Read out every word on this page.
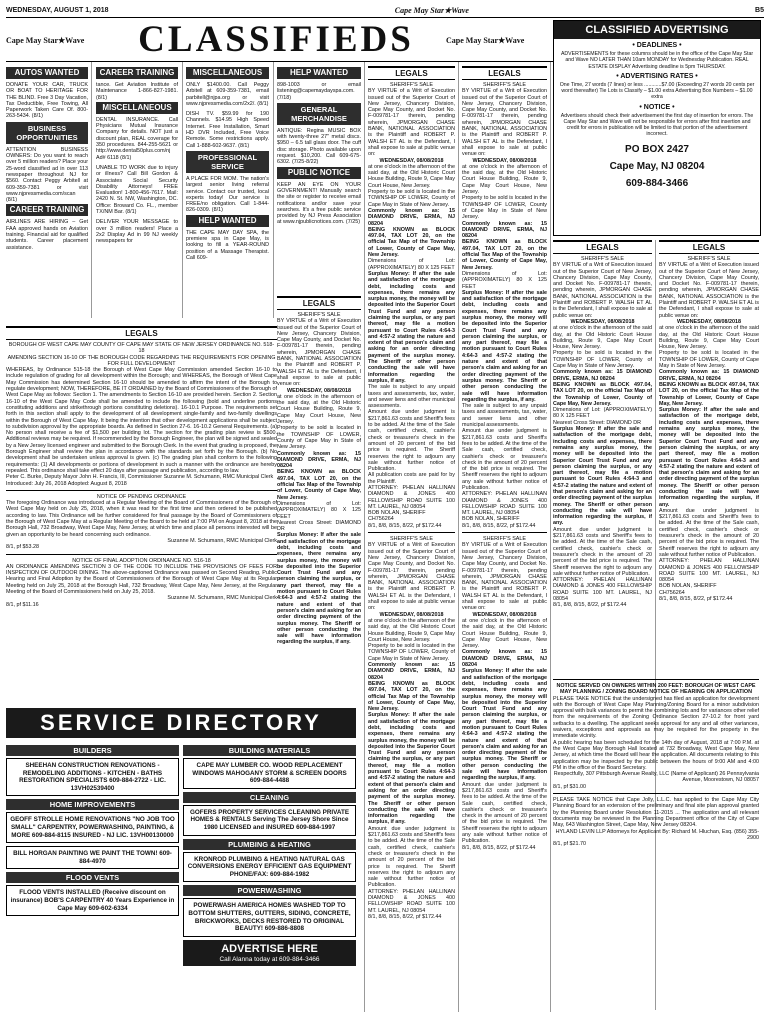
WEDNESDAY, AUGUST 1, 2018	Cape May Star★Wave	B5
Cape May Star★Wave	CLASSIFIEDS	Cape May Star★Wave
CLASSIFIED ADVERTISING
• DEADLINES •

ADVERTISEMENTS for these columns should be in the office of the Cape May Star and Wave NO LATER THAN 10am MONDAY for Wednesday Publication. REAL ESTATE DISPLAY Advertising deadline is 5pm THURSDAY.

• ADVERTISING RATES •

One Time, 27 words (7 lines) or less ............$7.00 (Exceeding 27 words 20 cents per word thereafter) Tie Lots is Classify – $1.00 extra Advertising Box Numbers – $1.00 extra

• NOTICE •

Advertisers should check their advertisement the first day of insertion for errors. The Cape May Star and Wave will not be responsible for errors after first insertion and credit for errors in publication will be limited to that portion of the advertisement incorrect.

PO BOX 2427
Cape May, NJ 08204
609-884-3466
AUTOS WANTED
DONATE YOUR CAR, TRUCK OR BOAT TO HERITAGE FOR THE BLIND. Free 3 Day Vacation, Tax Deductible, Free Towing, All Paperwork Taken Care Of. 800-263-5434. (8/1)
BUSINESS OPPORTUNITIES
ATTENTION BUSINESS OWNERS: Do you want to reach over 5 million readers? Place your 25-word classified ad in over 113 newspaper throughout NJ for $560. Contact Peggy Arbitell at 609-359-7381 or visit www.njpressmedia.com/scan (8/1)
CAREER TRAINING
AIRLINES ARE HIRING – Get FAA approved hands on Aviation training. Financial aid for qualified students. Career placement assistance.
CAREER TRAINING
tance. Get Aviation Institute of Maintenance 1-866-827-1981. (8/1)
MISCELLANEOUS
DENTAL INSURANCE. Call Physicians Mutual Insurance Company for details. NOT just a discount plan, REAL coverage for 350 procedures. 844-255-5621 or http://www.dental50plus.com/nj Ad# 6118 (8/1)
UNABLE TO WORK due to injury or illness? Call Bill Gordon & Associates Social Security Disability Attorneys! FREE Evaluation! 1-800-456-7617. Mail: 2420 N. St. NW, Washington, DC. Office: Broward Co. FL., member TX/NM Bar. (8/1)
DELIVER YOUR MESSAGE to over 3 million readers! Place a 2x2 Display Ad in 99 NJ weekly newspapers for
MISCELLANEOUS
ONLY $1400.00. Call Peggy Arbitell at 609-359-7381, email parbitell@njpa.org or visit www.njpressmedia.com/2x2/. (8/1)
DISH TV. $59.99 for 190 Channels. $14.95 High Speed Internet. Free Installation, Smart HD DVR Included, Free Voice Remote. Some restrictions apply. Call 1-888-602-9637. (8/1)
PROFESSIONAL SERVICE
A PLACE FOR MOM. The nation's largest senior living referral service. Contact our trusted, local experts today! Our service is FREE/no obligation. Call 1-844-826-0309. (8/1)
HELP WANTED
THE CAPE MAY DAY SPA, the premiere spa in Cape May, is looking to fill a YEAR-ROUND position of a Massage Therapist. Call 609-
HELP WANTED
898-1003 or email listening@capemaydayspa.com. (7/18)
GENERAL MERCHANDISE
ANTIQUE: Regina MUSIC BOX with twenty-three 27" metal discs. $950 – 6.5 tall glass door. The cuff disc storage. Photo available upon request. $10,200. Call 609-675-6302. (7/25-8/22)
PUBLIC NOTICE
KEEP AN EYE ON YOUR GOVERNMENT! Manually search the site or register to receive email notifications and/or save your searches. It's a free public service provided by NJ Press Association at www.njpublicnotices.com. (7/25)
LEGALS
BOROUGH OF WEST CAPE MAY COUNTY OF CAPE MAY STATE OF NEW JERSEY ORDINANCE NO. 518-18
AMENDING SECTION 16-10 OF THE BOROUGH CODE REGARDING THE REQUIREMENTS FOR OPENING FOR FULL DEVELOPMENT
WHEREAS, by Ordinance 515-18 the Borough of West Cape May Commission amended Section 16-10 to include regulation of grading for all development within the Borough; and WHEREAS, the Borough of West Cape May Commission has determined Section 16-10 should be amended to affirm the intent of the Borough to regulate development; NOW, THEREFORE, BE IT ORDAINED by the Board of Commissioners of the Borough of West Cape May as follows: Section 1. The amendments to Section 16-10 are provided herein. Section 2. Section 16-10 of the West Cape May Code shall be amended to include the following (bold and underline portions constituting additions and strikethrough portions constituting deletions). 16-10.1 Purpose. The requirements set forth in this section shall apply to the development of all development single-family and two-family dwellings within the Borough of West Cape May. It being the intention that other development applications shall be subject to subdivision approval by the appropriate boards. As defined in Section 27-6. 16-10.2 General Requirements. (a) No person shall receive a fee of $1,500 per building lot. The section for the grading plan review is $500. Additional reviews may be required. If recommended by the Borough Engineer, the plan will be signed and sealed by a New Jersey licensed engineer and submitted to the Borough Clerk. In the event that grading is proposed, the Borough Engineer shall review the plan in accordance with the standards set forth by the Borough. (b) No development shall be undertaken unless approval is given. (c) The grading plan shall conform to the following requirements: (1) All developments or portions of development in such a manner with the ordinance are hereby repealed. This ordinance shall take effect 20 days after passage and publication, according to law.
Peter C. Burke, Deputy Mayor John H. Francis, III, Commissioner Suzanne M. Schumann, RMC Municipal Clerk
Introduced: July 26, 2018 Adopted: August 8, 2018
NOTICE OF PENDING ORDINANCE
The foregoing Ordinance was introduced at a Regular Meeting of the Board of Commissioners of the Borough of West Cape May held on July 25, 2018, when it was read for the first time and then ordered to be published according to law. This Ordinance will be further considered for final passage by the Board of Commissioners of the Borough of West Cape May at a Regular Meeting of the Board to be held at 7:00 PM on August 8, 2018 at the Borough Hall, 732 Broadway, West Cape May, New Jersey, at which time and place all persons interested will be given an opportunity to be heard concerning such ordinance.
Suzanne M. Schumann, RMC Municipal Clerk
8/1, pf $53.28
NOTICE OF FINAL ADOPTION ORDINANCE NO. 516-18
AN ORDINANCE AMENDING SECTION 3 OF THE CODE TO INCLUDE THE PROVISIONS OF FEES FOR INSPECTION OF OUTDOOR DINING. The above-captioned Ordinance was passed on Second Reading, Public Hearing and Final Adoption by the Board of Commissioners of the Borough of West Cape May at its Regular Meeting held on July 25, 2018 at the Borough Hall, 732 Broadway, West Cape May, New Jersey, at the Regular Meeting of the Board of Commissioners held on July 25, 2018.
Suzanne M. Schumann, RMC Municipal Clerk
8/1, pf $11.16
LEGALS
SHERIFF'S SALE
BY VIRTUE of a Writ of Execution issued out of the Superior Court of New Jersey, Chancery Division, Cape May County, and Docket No. F-009781-17 therein, pending wherein, JPMORGAN CHASE BANK, NATIONAL ASSOCIATION is the Plaintiff and ROBERT P. WALSH ET AL is the Defendant, I shall expose to sale at public venue on:
WEDNESDAY, 08/08/2018
at one o'clock in the afternoon of the said day, at the Old Historic Court House Building, Route 9, Cape May Court House, New Jersey.
Property to be sold is located in the TOWNSHIP OF LOWER, County of Cape May in State of New Jersey.
Commonly known as: 15 DIAMOND DRIVE, ERMA, NJ 08204
BEING KNOWN as BLOCK 497.04, TAX LOT 20, on the official Tax Map of the Township of Lower, County of Cape May, New Jersey.
Dimensions of Lot: (APPROXIMATELY) 80 X 125 FEET
Nearest Cross Street: DIAMOND DR
Surplus Money: If after the sale and satisfaction of the mortgage debt, including costs and expenses, there remains any surplus money, the money will be deposited into the Superior Court Trust Fund and any person claiming the surplus, or any part thereof, may file a motion pursuant to Court Rules 4:64-3 and 4:57-2 stating the nature and extent of that person's claim and asking for an order directing payment of the surplus money. The Sheriff or other person conducting the sale will have information regarding the surplus, if any.
LEGALS
SHERIFF'S SALE
BY VIRTUE of a Writ of Execution issued out of the Superior Court of New Jersey, Chancery Division, Cape May County, and Docket No. F-009781-17 therein, pending wherein, JPMORGAN CHASE BANK, NATIONAL ASSOCIATION is the Plaintiff and ROBERT P. WALSH ET AL is the Defendant, I shall expose to sale at public venue on:
WEDNESDAY, 08/08/2018
at one o'clock in the afternoon of the said day, at the Old Historic Court House Building, Route 9, Cape May Court House, New Jersey.
Property to be sold is located in the TOWNSHIP OF LOWER, County of Cape May in State of New Jersey.
Commonly known as: 15 DIAMOND DRIVE, ERMA, NJ 08204
BEING KNOWN as BLOCK 497.04, TAX LOT 20, on the official Tax Map of the Township of Lower, County of Cape May, New Jersey.
Dimensions of Lot: (APPROXIMATELY) 80 X 125 FEET
Surplus Money: If after the sale and satisfaction of the mortgage debt, including costs and expenses, there remains any surplus money, the money will be deposited into the Superior Court Trust Fund and any person claiming the surplus, or any part thereof, may file a motion pursuant to Court Rules 4:64-3 and 4:57-2 stating the nature and extent of that person's claim and asking for an order directing payment of the surplus money. The Sheriff or other person conducting the sale will have information regarding the surplus, if any.
The sale is subject to any unpaid taxes and assessments, tax, water, and sewer liens and other municipal assessments.
Amount due under judgment is $217,861.63 costs and Sheriff's fees to be added. At the time of the Sale cash, certified check, cashier's check or treasurer's check in the amount of 20 percent of the bid price is required. The Sheriff reserves the right to adjourn any sale without further notice of Publication.
All publication costs are paid for by the Plaintiff.
ATTORNEY: PHELAN HALLINAN DIAMOND & JONES 400 FELLOWSHIP ROAD SUITE 100 MT. LAUREL, NJ 08054
BOB NOLAN, SHERIFF
CH756264
8/1, 8/8, 8/15, 8/22, pf $172.44
SHERIFF'S SALE
BY VIRTUE of a Writ of Execution issued out of the Superior Court of New Jersey, Chancery Division, Cape May County, and Docket No. F-009781-17 therein, pending wherein, JPMORGAN CHASE BANK, NATIONAL ASSOCIATION is the Plaintiff and ROBERT P. WALSH ET AL is the Defendant, I shall expose to sale at public venue on:
WEDNESDAY, 08/08/2018
at one o'clock in the afternoon of the said day, at the Old Historic Court House Building, Route 9, Cape May Court House, New Jersey.
Property to be sold is located in the TOWNSHIP OF LOWER, County of Cape May in State of New Jersey.
Commonly known as: 15 DIAMOND DRIVE, ERMA, NJ 08204
BEING KNOWN as BLOCK 497.04, TAX LOT 20, on the official Tax Map of the Township of Lower, County of Cape May, New Jersey.
Surplus Money: If after the sale and satisfaction of the mortgage debt, including costs and expenses, there remains any surplus money, the money will be deposited into the Superior Court Trust Fund and any person claiming the surplus, or any part thereof, may file a motion pursuant to Court Rules 4:64-3 and 4:57-2 stating the nature and extent of that person's claim and asking for an order directing payment of the surplus money. The Sheriff or other person conducting the sale will have information regarding the surplus, if any.
Amount due under judgment is $217,861.63 costs and Sheriff's fees to be added. At the time of the Sale cash, certified check, cashier's check or treasurer's check in the amount of 20 percent of the bid price is required. The Sheriff reserves the right to adjourn any sale without further notice of Publication.
ATTORNEY: PHELAN HALLINAN DIAMOND & JONES 400 FELLOWSHIP ROAD SUITE 100 MT. LAUREL, NJ 08054
8/1, 8/8, 8/15, 8/22, pf $172.44
LEGALS
SHERIFF'S SALE
BY VIRTUE of a Writ of Execution issued out of the Superior Court of New Jersey, Chancery Division, Cape May County, and Docket No. F-009781-17 therein, pending wherein, JPMORGAN CHASE BANK, NATIONAL ASSOCIATION is the Plaintiff and ROBERT P. WALSH ET AL is the Defendant, I shall expose to sale at public venue on:
WEDNESDAY, 08/08/2018
at one o'clock in the afternoon of the said day, at the Old Historic Court House Building, Route 9, Cape May Court House, New Jersey.
Property to be sold is located in the TOWNSHIP OF LOWER, County of Cape May in State of New Jersey.
Commonly known as: 15 DIAMOND DRIVE, ERMA, NJ 08204
BEING KNOWN as BLOCK 497.04, TAX LOT 20, on the official Tax Map of the Township of Lower, County of Cape May, New Jersey.
Dimensions of Lot: (APPROXIMATELY) 80 X 125 FEET
Surplus Money: If after the sale and satisfaction of the mortgage debt, including costs and expenses, there remains any surplus money, the money will be deposited into the Superior Court Trust Fund and any person claiming the surplus, or any part thereof, may file a motion pursuant to Court Rules 4:64-3 and 4:57-2 stating the nature and extent of that person's claim and asking for an order directing payment of the surplus money. The Sheriff or other person conducting the sale will have information regarding the surplus, if any.
The sale is subject to any unpaid taxes and assessments, tax, water, and sewer liens and other municipal assessments.
Amount due under judgment is $217,861.63 costs and Sheriff's fees to be added. At the time of the Sale cash, certified check, cashier's check or treasurer's check in the amount of 20 percent of the bid price is required. The Sheriff reserves the right to adjourn any sale without further notice of Publication.
ATTORNEY: PHELAN HALLINAN DIAMOND & JONES 400 FELLOWSHIP ROAD SUITE 100 MT. LAUREL, NJ 08054
BOB NOLAN, SHERIFF
8/1, 8/8, 8/15, 8/22, pf $172.44
SHERIFF'S SALE
BY VIRTUE of a Writ of Execution issued out of the Superior Court of New Jersey, Chancery Division, Cape May County, and Docket No. F-009781-17 therein, pending wherein, JPMORGAN CHASE BANK, NATIONAL ASSOCIATION is the Plaintiff and ROBERT P. WALSH ET AL is the Defendant, I shall expose to sale at public venue on:
WEDNESDAY, 08/08/2018
at one o'clock in the afternoon of the said day, at the Old Historic Court House Building, Route 9, Cape May Court House, New Jersey.
Commonly known as: 15 DIAMOND DRIVE, ERMA, NJ 08204
Surplus Money: If after the sale and satisfaction of the mortgage debt, including costs and expenses, there remains any surplus money, the money will be deposited into the Superior Court Trust Fund and any person claiming the surplus, or any part thereof, may file a motion pursuant to Court Rules 4:64-3 and 4:57-2 stating the nature and extent of that person's claim and asking for an order directing payment of the surplus money. The Sheriff or other person conducting the sale will have information regarding the surplus, if any.
Amount due under judgment is $217,861.63 costs and Sheriff's fees to be added. At the time of the Sale cash, certified check, cashier's check or treasurer's check in the amount of 20 percent of the bid price is required. The Sheriff reserves the right to adjourn any sale without further notice of Publication.
8/1, 8/8, 8/15, 8/22, pf $172.44
LEGALS
SHERIFF'S SALE
BY VIRTUE of a Writ of Execution issued out of the Superior Court of New Jersey, Chancery Division, Cape May County, and Docket No. F-009781-17 therein, pending wherein, JPMORGAN CHASE BANK, NATIONAL ASSOCIATION is the Plaintiff and ROBERT P. WALSH ET AL is the Defendant, I shall expose to sale at public venue on:
WEDNESDAY, 08/08/2018
at one o'clock in the afternoon of the said day, at the Old Historic Court House Building, Route 9, Cape May Court House, New Jersey.
Property to be sold is located in the TOWNSHIP OF LOWER, County of Cape May in State of New Jersey.
Commonly known as: 15 DIAMOND DRIVE, ERMA, NJ 08204
BEING KNOWN as BLOCK 497.04, TAX LOT 20, on the official Tax Map of the Township of Lower, County of Cape May, New Jersey.
Dimensions of Lot: (APPROXIMATELY) 80 X 125 FEET
Nearest Cross Street: DIAMOND DR
Surplus Money: If after the sale and satisfaction of the mortgage debt, including costs and expenses, there remains any surplus money, the money will be deposited into the Superior Court Trust Fund and any person claiming the surplus, or any part thereof, may file a motion pursuant to Court Rules 4:64-3 and 4:57-2 stating the nature and extent of that person's claim and asking for an order directing payment of the surplus money. The Sheriff or other person conducting the sale will have information regarding the surplus, if any.
Amount due under judgment is $217,861.63 costs and Sheriff's fees to be added. At the time of the Sale cash, certified check, cashier's check or treasurer's check in the amount of 20 percent of the bid price is required. The Sheriff reserves the right to adjourn any sale without further notice of Publication.
ATTORNEY: PHELAN HALLINAN DIAMOND & JONES 400 FELLOWSHIP ROAD SUITE 100 MT. LAUREL, NJ 08054
8/1, 8/8, 8/15, 8/22, pf $172.44
LEGALS
SHERIFF'S SALE
BY VIRTUE of a Writ of Execution issued out of the Superior Court of New Jersey, Chancery Division, Cape May County, and Docket No. F-009781-17 therein, pending wherein, JPMORGAN CHASE BANK, NATIONAL ASSOCIATION is the Plaintiff and ROBERT P. WALSH ET AL is the Defendant, I shall expose to sale at public venue on:
WEDNESDAY, 08/08/2018
at one o'clock in the afternoon of the said day, at the Old Historic Court House Building, Route 9, Cape May Court House, New Jersey.
Property to be sold is located in the TOWNSHIP OF LOWER, County of Cape May in State of New Jersey.
Commonly known as: 15 DIAMOND DRIVE, ERMA, NJ 08204
BEING KNOWN as BLOCK 497.04, TAX LOT 20, on the official Tax Map of the Township of Lower, County of Cape May, New Jersey.
Surplus Money: If after the sale and satisfaction of the mortgage debt, including costs and expenses, there remains any surplus money, the money will be deposited into the Superior Court Trust Fund and any person claiming the surplus, or any part thereof, may file a motion pursuant to Court Rules 4:64-3 and 4:57-2 stating the nature and extent of that person's claim and asking for an order directing payment of the surplus money. The Sheriff or other person conducting the sale will have information regarding the surplus, if any.
Amount due under judgment is $217,861.63 costs and Sheriff's fees to be added. At the time of the Sale cash, certified check, cashier's check or treasurer's check in the amount of 20 percent of the bid price is required. The Sheriff reserves the right to adjourn any sale without further notice of Publication.
ATTORNEY: PHELAN HALLINAN DIAMOND & JONES 400 FELLOWSHIP ROAD SUITE 100 MT. LAUREL, NJ 08054
BOB NOLAN, SHERIFF
CH756264
8/1, 8/8, 8/15, 8/22, pf $172.44
NOTICE SERVED ON OWNERS WITHIN 200 FEET: BOROUGH OF WEST CAPE MAY PLANNING / ZONING BOARD NOTICE OF HEARING ON APPLICATION
PLEASE TAKE NOTICE that the undersigned has filed an application for development with the Borough of West Cape May Planning/Zoning Board for a minor subdivision approval with bulk variances to permit the combining lots and for variances other relief from the requirements of the Zoning Ordinance Section 27-10.2 for front yard setbacks to a dwelling. The applicant seeks approval for any and all other variances, waivers, exceptions and approvals as may be required for the property in the immediate vicinity.
A public hearing has been scheduled for the 14th day of August, 2018 at 7:00 P.M. at the West Cape May Borough Hall located at 732 Broadway, West Cape May, New Jersey, at which time the Board will hear the application. All documents relating to this application may be inspected by the public between the hours of 9:00 AM and 4:00 PM in the office of the Board Secretary.
Respectfully, 307 Pittsburgh Avenue Realty, LLC (Name of Applicant) 26 Pennsylvania Avenue, Moorestown, NJ 08057
8/1, pf $31.00
PLEASE TAKE NOTICE that Cape Jolly, L.L.C. has applied to the Cape May City Planning Board for an extension of the preliminary and final site plan approval granted by the Planning Board under Resolution 11-2015 ... The application and all relevant documents may be reviewed in the Planning Department office of the City of Cape May, 643 Washington Street, Cape May, New Jersey 08204.
HYLAND LEVIN LLP Attorneys for Applicant By: Richard M. Hluchan, Esq. (856) 355-2900
8/1, pf $21.70
SERVICE DIRECTORY
BUILDERS
SHEEHAN CONSTRUCTION RENOVATIONS - REMODELING ADDITIONS - KITCHEN - BATHS RESTORATION SPECIALISTS 609-884-2722 - LIC. 13VH02539400
HOME IMPROVEMENTS
GEOFF STROLLE HOME RENOVATIONS "NO JOB TOO SMALL" CARPENTRY, POWERWASHING, PAINTING, & MORE 609-884-8115 INSURED - NJ LIC. 13VH00130000
BILL HORGAN PAINTING WE PAINT THE TOWN! 609-884-4970
FLOOD VENTS
FLOOD VENTS INSTALLED (Receive discount on insurance) BOB'S CARPENTRY 40 Years Experience in Cape May 609-602-6334
BUILDING MATERIALS
CAPE MAY LUMBER CO. WOOD REPLACEMENT WINDOWS MAHOGANY STORM & SCREEN DOORS 609-884-4488
CLEANING
GOFERS PROPERTY SERVICES CLEANING PRIVATE HOMES & RENTALS Serving The Jersey Shore Since 1980 LICENSED and INSURED 609-884-1997
PLUMBING & HEATING
KRONROD PLUMBING & HEATING NATURAL GAS CONVERSIONS ENERGY EFFICIENT GAS EQUIPMENT PHONE/FAX: 609-884-1982
POWERWASHING
POWERWASH AMERICA HOMES WASHED TOP TO BOTTOM SHUTTERS, GUTTERS, SIDING, CONCRETE, BRICKWORKS, DECKS RESTORED TO ORIGINAL BEAUTY! 609-886-8808
ADVERTISE HERE
Call Alanna today at 609-884-3466
